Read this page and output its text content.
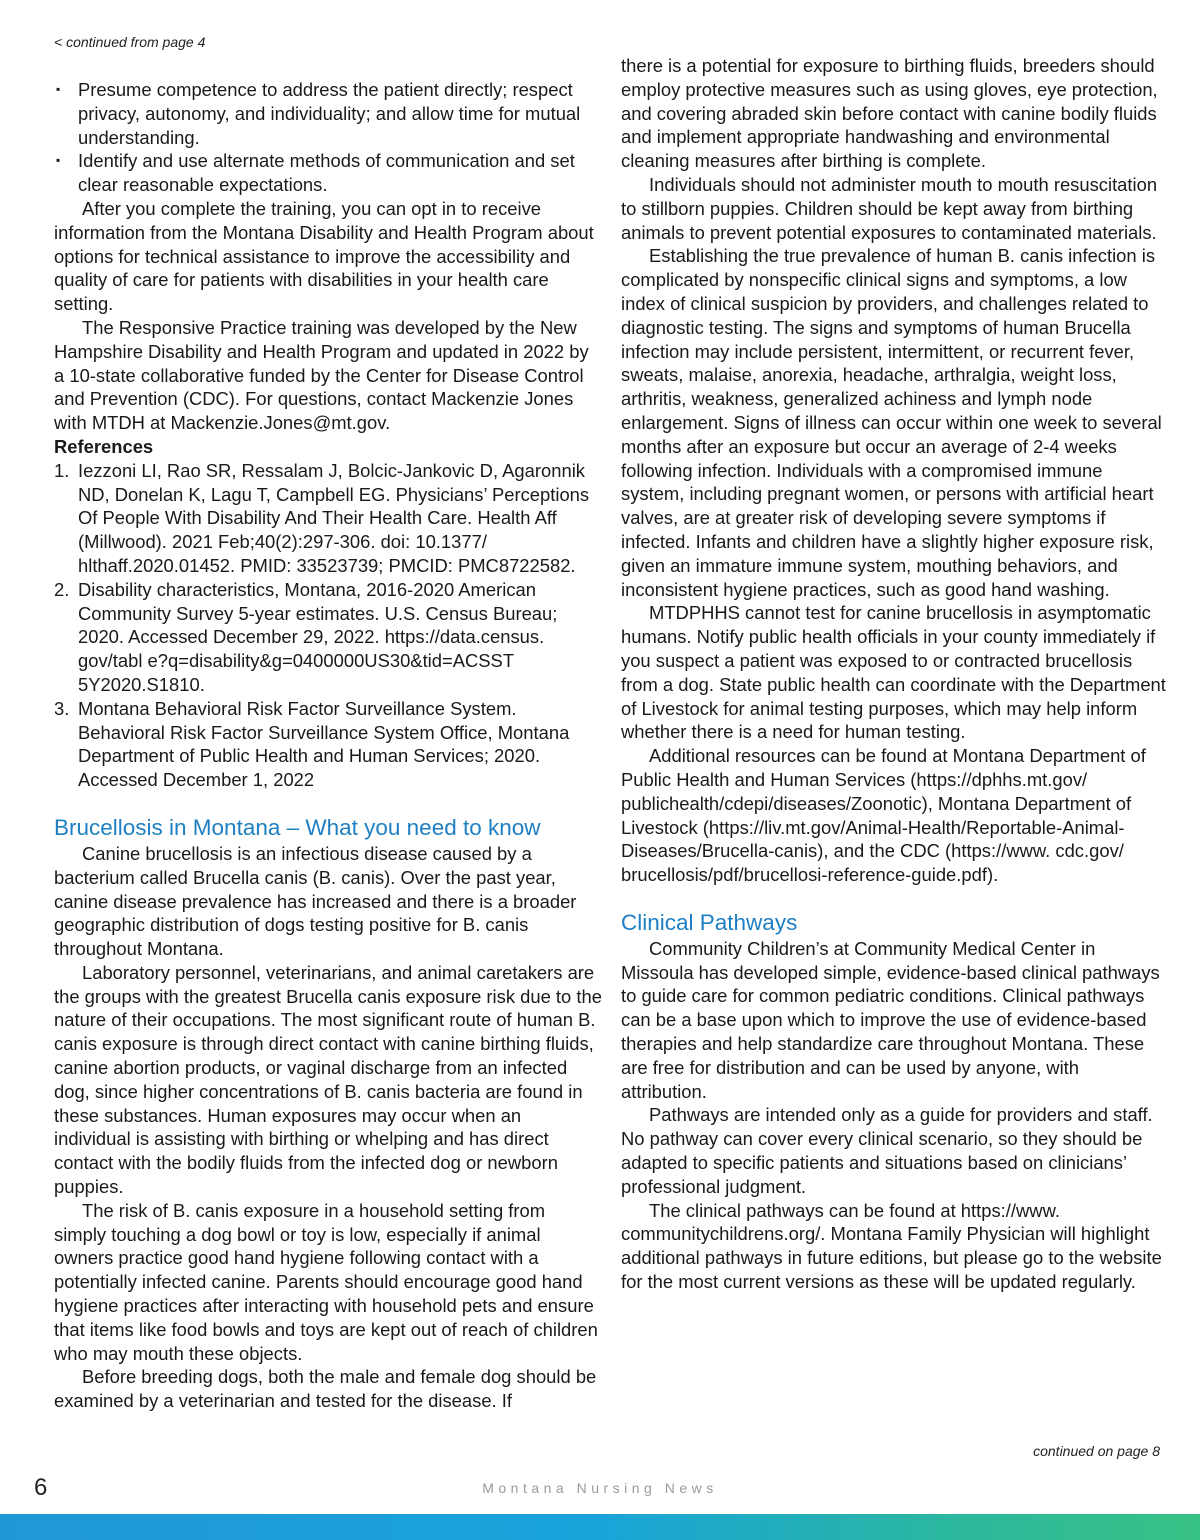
< continued from page 4
▪ Presume competence to address the patient directly; respect privacy, autonomy, and individuality; and allow time for mutual understanding.
▪ Identify and use alternate methods of communication and set clear reasonable expectations.

After you complete the training, you can opt in to receive information from the Montana Disability and Health Program about options for technical assistance to improve the accessibility and quality of care for patients with disabilities in your health care setting.

The Responsive Practice training was developed by the New Hampshire Disability and Health Program and updated in 2022 by a 10-state collaborative funded by the Center for Disease Control and Prevention (CDC). For questions, contact Mackenzie Jones with MTDH at Mackenzie.Jones@mt.gov.

References

1. Iezzoni LI, Rao SR, Ressalam J, Bolcic-Jankovic D, Agaronnik ND, Donelan K, Lagu T, Campbell EG. Physicians’ Perceptions Of People With Disability And Their Health Care. Health Aff (Millwood). 2021 Feb;40(2):297-306. doi: 10.1377/ hlthaff.2020.01452. PMID: 33523739; PMCID: PMC8722582.
2. Disability characteristics, Montana, 2016-2020 American Community Survey 5-year estimates. U.S. Census Bureau; 2020. Accessed December 29, 2022. https://data.census. gov/tabl e?q=disability&g=0400000US30&tid=ACSST 5Y2020.S1810.
3. Montana Behavioral Risk Factor Surveillance System. Behavioral Risk Factor Surveillance System Office, Montana Department of Public Health and Human Services; 2020. Accessed December 1, 2022
Brucellosis in Montana – What you need to know

Canine brucellosis is an infectious disease caused by a bacterium called Brucella canis (B. canis). Over the past year, canine disease prevalence has increased and there is a broader geographic distribution of dogs testing positive for B. canis throughout Montana.

Laboratory personnel, veterinarians, and animal caretakers are the groups with the greatest Brucella canis exposure risk due to the nature of their occupations. The most significant route of human B. canis exposure is through direct contact with canine birthing fluids, canine abortion products, or vaginal discharge from an infected dog, since higher concentrations of B. canis bacteria are found in these substances. Human exposures may occur when an individual is assisting with birthing or whelping and has direct contact with the bodily fluids from the infected dog or newborn puppies.

The risk of B. canis exposure in a household setting from simply touching a dog bowl or toy is low, especially if animal owners practice good hand hygiene following contact with a potentially infected canine. Parents should encourage good hand hygiene practices after interacting with household pets and ensure that items like food bowls and toys are kept out of reach of children who may mouth these objects.

Before breeding dogs, both the male and female dog should be examined by a veterinarian and tested for the disease. If

there is a potential for exposure to birthing fluids, breeders should employ protective measures such as using gloves, eye protection, and covering abraded skin before contact with canine bodily fluids and implement appropriate handwashing and environmental cleaning measures after birthing is complete.

Individuals should not administer mouth to mouth resuscitation to stillborn puppies. Children should be kept away from birthing animals to prevent potential exposures to contaminated materials.

Establishing the true prevalence of human B. canis infection is complicated by nonspecific clinical signs and symptoms, a low index of clinical suspicion by providers, and challenges related to diagnostic testing. The signs and symptoms of human Brucella infection may include persistent, intermittent, or recurrent fever, sweats, malaise, anorexia, headache, arthralgia, weight loss, arthritis, weakness, generalized achiness and lymph node enlargement. Signs of illness can occur within one week to several months after an exposure but occur an average of 2-4 weeks following infection. Individuals with a compromised immune system, including pregnant women, or persons with artificial heart valves, are at greater risk of developing severe symptoms if infected. Infants and children have a slightly higher exposure risk, given an immature immune system, mouthing behaviors, and inconsistent hygiene practices, such as good hand washing.

MTDPHHS cannot test for canine brucellosis in asymptomatic humans. Notify public health officials in your county immediately if you suspect a patient was exposed to or contracted brucellosis from a dog. State public health can coordinate with the Department of Livestock for animal testing purposes, which may help inform whether there is a need for human testing.

Additional resources can be found at Montana Department of Public Health and Human Services (https://dphhs.mt.gov/ publichealth/cdepi/diseases/Zoonotic), Montana Department of Livestock (https://liv.mt.gov/Animal-Health/Reportable-Animal- Diseases/Brucella-canis), and the CDC (https://www. cdc.gov/ brucellosis/pdf/brucellosi-reference-guide.pdf).

Clinical Pathways

Community Children’s at Community Medical Center in Missoula has developed simple, evidence-based clinical pathways to guide care for common pediatric conditions. Clinical pathways can be a base upon which to improve the use of evidence-based therapies and help standardize care throughout Montana. These are free for distribution and can be used by anyone, with attribution.

Pathways are intended only as a guide for providers and staff. No pathway can cover every clinical scenario, so they should be adapted to specific patients and situations based on clinicians’ professional judgment.

The clinical pathways can be found at https://www. communitychildrens.org/. Montana Family Physician will highlight additional pathways in future editions, but please go to the website for the most current versions as these will be updated regularly.

continued on page 8
6	Montana Nursing News
